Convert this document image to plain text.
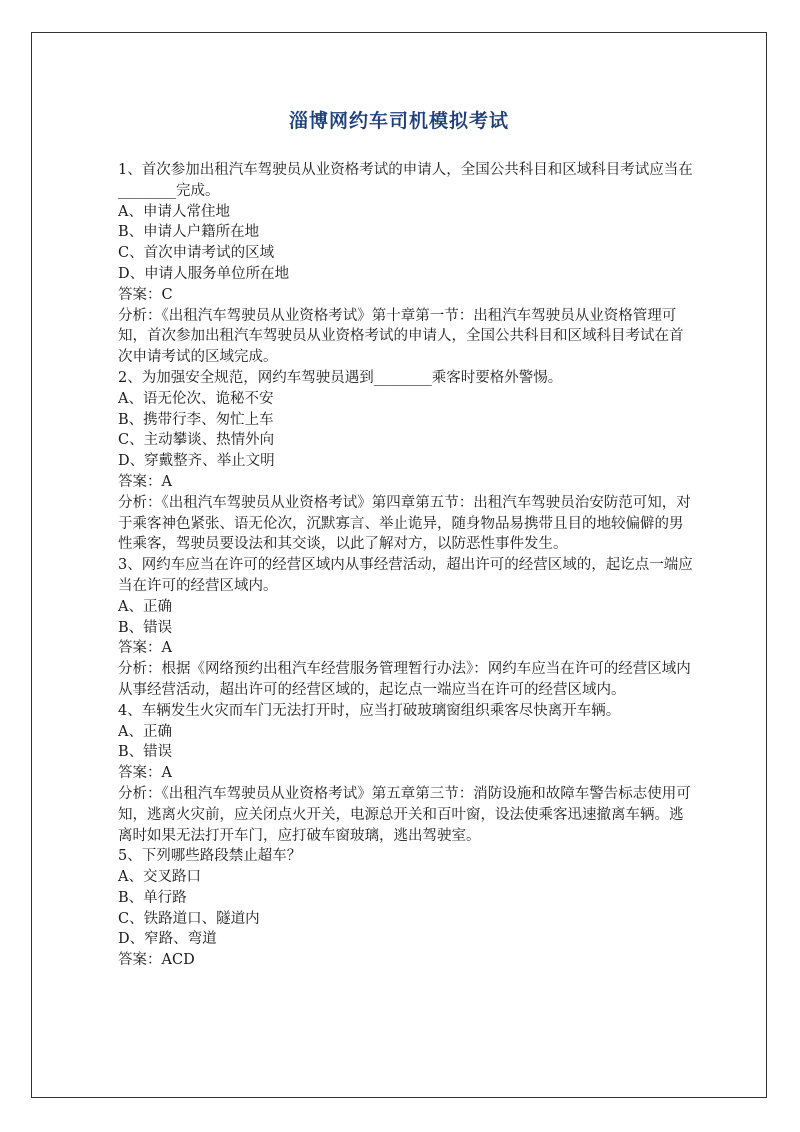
淄博网约车司机模拟考试

1、首次参加出租汽车驾驶员从业资格考试的申请人，全国公共科目和区域科目考试应当在________完成。

A、申请人常住地

B、申请人户籍所在地

C、首次申请考试的区域

D、申请人服务单位所在地

答案：C

分析：《出租汽车驾驶员从业资格考试》第十章第一节：出租汽车驾驶员从业资格管理可知，首次参加出租汽车驾驶员从业资格考试的申请人，全国公共科目和区域科目考试在首次申请考试的区域完成。

2、为加强安全规范，网约车驾驶员遇到________乘客时要格外警惕。

A、语无伦次、诡秘不安

B、携带行李、匆忙上车

C、主动攀谈、热情外向

D、穿戴整齐、举止文明

答案：A

分析：《出租汽车驾驶员从业资格考试》第四章第五节：出租汽车驾驶员治安防范可知，对于乘客神色紧张、语无伦次，沉默寡言、举止诡异，随身物品易携带且目的地较偏僻的男性乘客，驾驶员要设法和其交谈，以此了解对方，以防恶性事件发生。

3、网约车应当在许可的经营区域内从事经营活动，超出许可的经营区域的，起讫点一端应当在许可的经营区域内。

A、正确

B、错误

答案：A

分析：根据《网络预约出租汽车经营服务管理暂行办法》：网约车应当在许可的经营区域内从事经营活动，超出许可的经营区域的，起讫点一端应当在许可的经营区域内。

4、车辆发生火灾而车门无法打开时，应当打破玻璃窗组织乘客尽快离开车辆。

A、正确

B、错误

答案：A

分析：《出租汽车驾驶员从业资格考试》第五章第三节：消防设施和故障车警告标志使用可知，逃离火灾前，应关闭点火开关，电源总开关和百叶窗，设法使乘客迅速撤离车辆。逃离时如果无法打开车门，应打破车窗玻璃，逃出驾驶室。

5、下列哪些路段禁止超车？

A、交叉路口

B、单行路

C、铁路道口、隧道内

D、窄路、弯道

答案：ACD
